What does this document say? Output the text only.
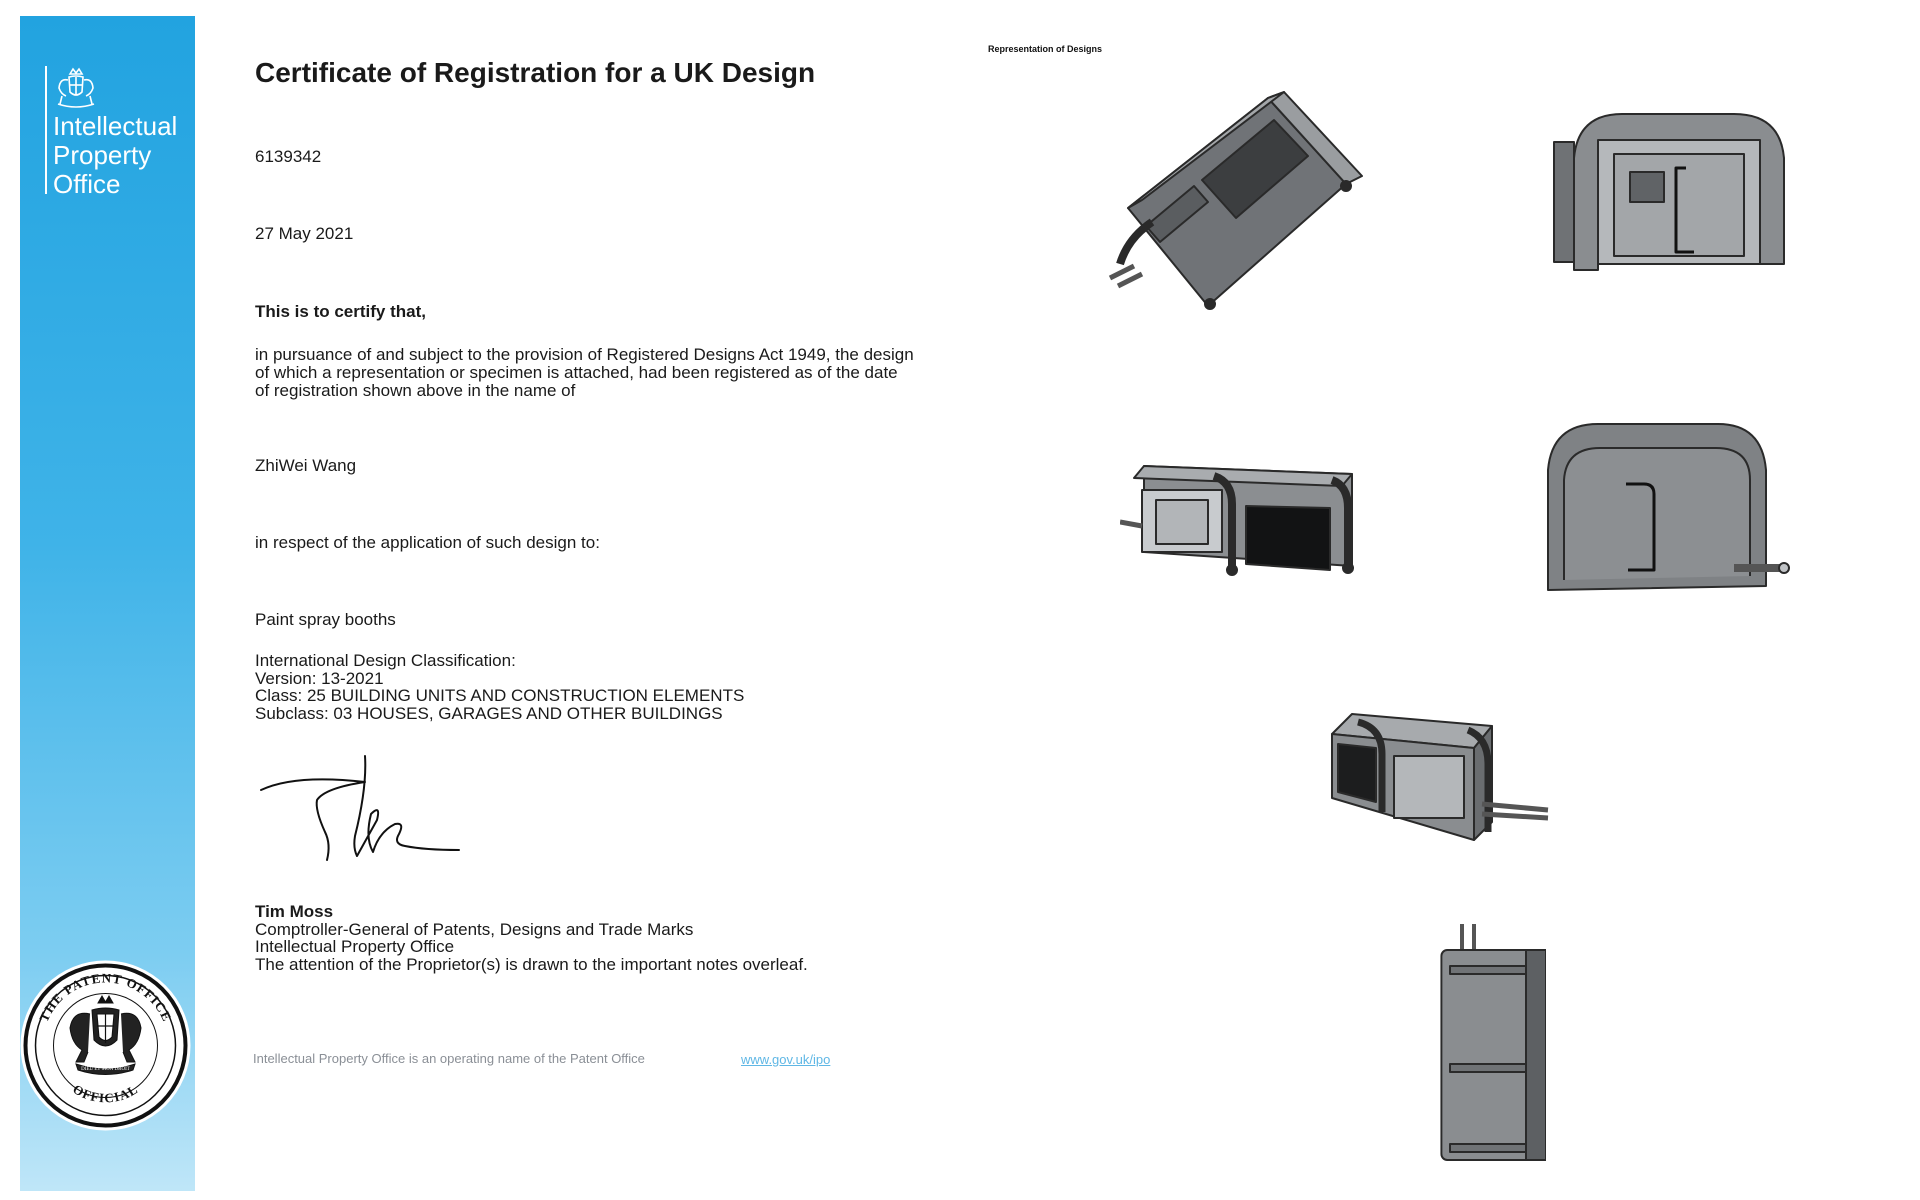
Intellectual
Property
Office
THE PATENT OFFICE
OFFICIAL
DIEU ET MON DROIT
Certificate of Registration for a UK Design
6139342
27 May 2021
This is to certify that,
in pursuance of and subject to the provision of Registered Designs Act 1949, the design of which a representation or specimen is attached, had been registered as of the date of registration shown above in the name of
ZhiWei Wang
in respect of the application of such design to:
Paint spray booths
International Design Classification:
Version: 13-2021
Class: 25 BUILDING UNITS AND CONSTRUCTION ELEMENTS
Subclass: 03 HOUSES, GARAGES AND OTHER BUILDINGS
Tim Moss
Comptroller-General of Patents, Designs and Trade Marks
Intellectual Property Office
The attention of the Proprietor(s) is drawn to the important notes overleaf.
Intellectual Property Office is an operating name of the Patent Office	www.gov.uk/ipo
Representation of Designs
